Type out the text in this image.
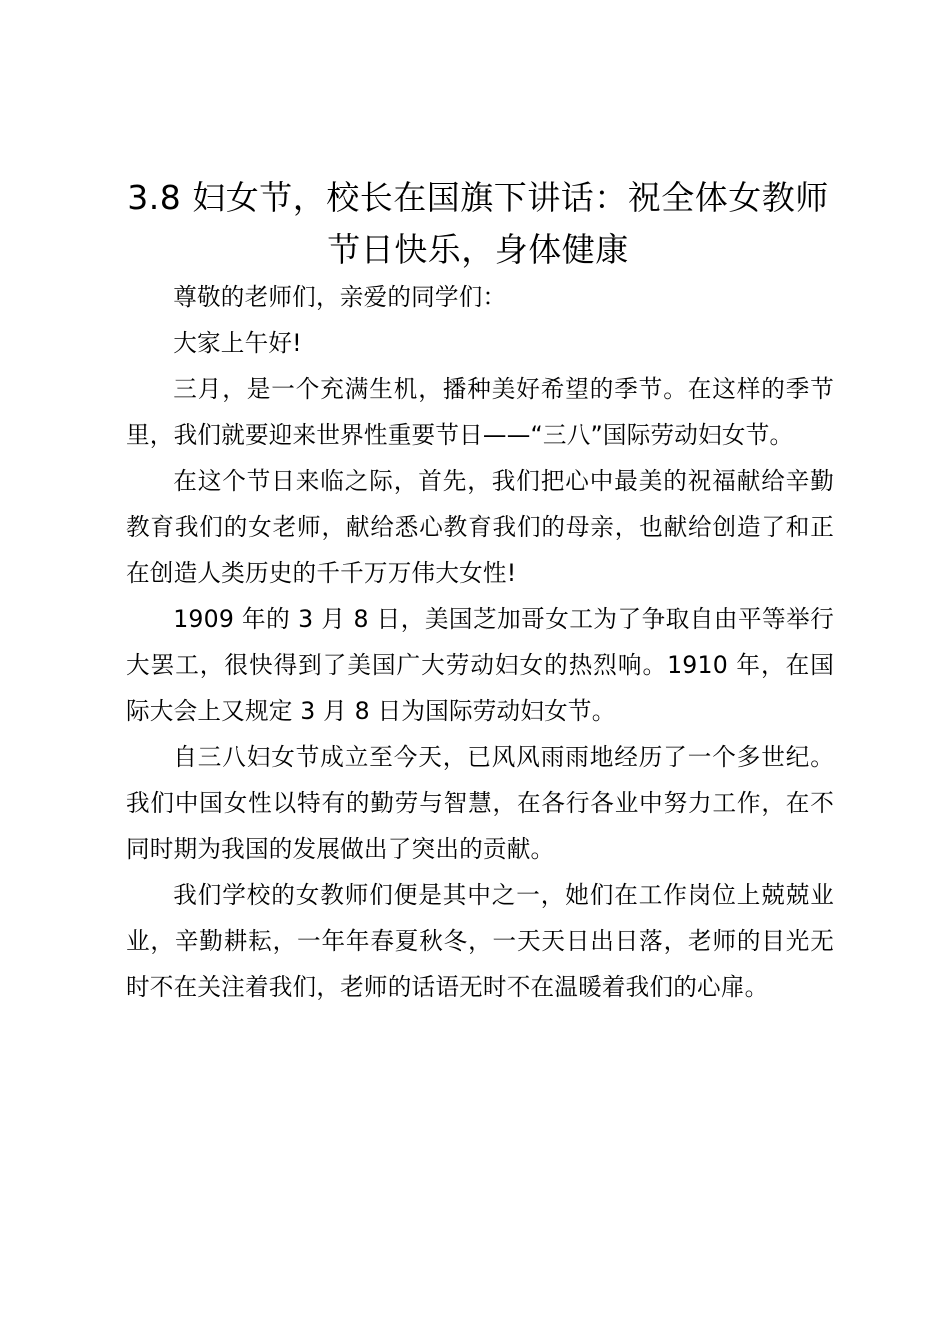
3.8 妇女节，校长在国旗下讲话：祝全体女教师节日快乐，身体健康

尊敬的老师们，亲爱的同学们：

大家上午好!

三月，是一个充满生机，播种美好希望的季节。在这样的季节里，我们就要迎来世界性重要节日——“三八”国际劳动妇女节。

在这个节日来临之际，首先，我们把心中最美的祝福献给辛勤教育我们的女老师，献给悉心教育我们的母亲，也献给创造了和正在创造人类历史的千千万万伟大女性!

1909 年的 3 月 8 日，美国芝加哥女工为了争取自由平等举行大罢工，很快得到了美国广大劳动妇女的热烈响。1910 年，在国际大会上又规定 3 月 8 日为国际劳动妇女节。

自三八妇女节成立至今天，已风风雨雨地经历了一个多世纪。我们中国女性以特有的勤劳与智慧，在各行各业中努力工作，在不同时期为我国的发展做出了突出的贡献。

我们学校的女教师们便是其中之一，她们在工作岗位上兢兢业业，辛勤耕耘，一年年春夏秋冬，一天天日出日落，老师的目光无时不在关注着我们，老师的话语无时不在温暖着我们的心扉。
